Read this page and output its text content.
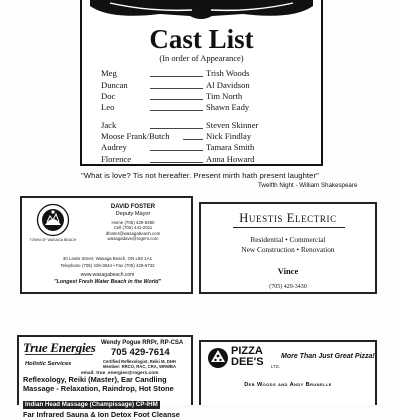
Cast List
(In order of Appearance)
Meg	Trish Woods
Duncan	Al Davidson
Doc	Tim North
Leo	Shawn Eady
Jack	Steven Skinner
Moose Frank/Butch	Nick Findlay
Audrey	Tamara Smith
Florence	Anna Howard
"What is love? Tis not hereafter. Present mirth hath present laughter"
Twelfth Night - William Shakespeare
TOWN OF WASAGA BEACH
DAVID FOSTER
Deputy Mayor
Home (705) 429-6380
Cell (705) 441-2011
dfoster@wasagabeach.com
wasagadave@rogers.com
30 Lewis Street, Wasaga Beach, ON L9Z 1A1
Telephone (705) 429-3844 • Fax (705) 429-6732
www.wasagabeach.com
"Longest Fresh Water Beach in the World"
Huestis Electric
Residential • Commercial
New Construction • Renovation
Vince
(705) 429-3430
True Energies Wendy Pogue RRPr, RP-CSA
705 429-7614
Certified Reflexologist, Reiki M, DHH
Member: RRCO, RAC, CRA, WRWBA
Holistic Services
email: true_energies@rogers.com
Reflexology, Reiki (Master), Ear Candling
Massage - Relaxation, Raindrop, Hot Stone
Indian Head Massage (Champissage) CP-IHM

Far Infrared Sauna & Ion Detox Foot Cleanse
PIZZA
DEE'S LTD.
More Than Just Great Pizza!
Deb Woods and Andy Brunelle
